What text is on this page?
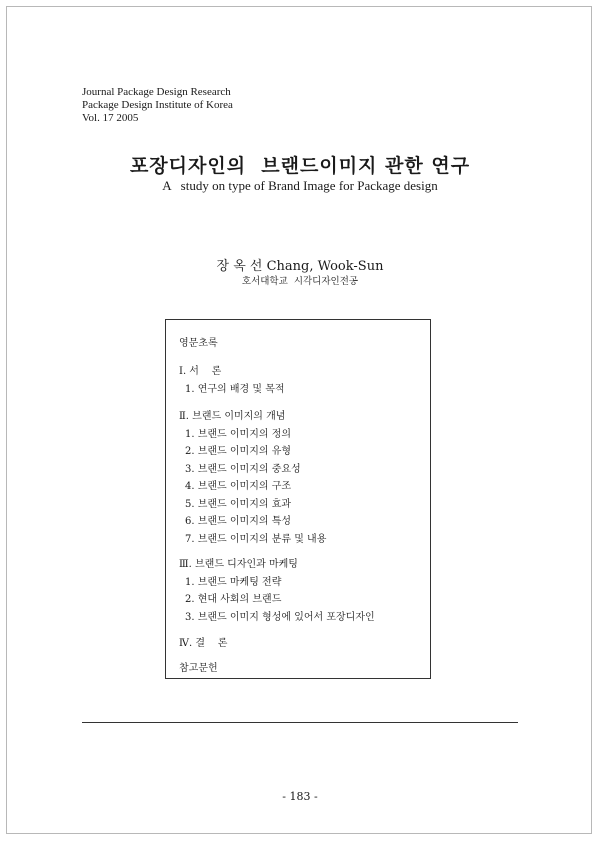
Journal Package Design Research
Package Design Institute of Korea
Vol. 17 2005
포장디자인의  브랜드이미지 관한 연구
A   study on type of Brand Image for Package design
장 옥 선 Chang, Wook-Sun
호서대학교  시각디자인전공
영문초록
Ⅰ. 서    론
1. 연구의 배경 및 목적
Ⅱ. 브랜드 이미지의 개념
1. 브랜드 이미지의 정의
2. 브랜드 이미지의 유형
3. 브랜드 이미지의 중요성
4. 브랜드 이미지의 구조
5. 브랜드 이미지의 효과
6. 브랜드 이미지의 특성
7. 브랜드 이미지의 분류 및 내용
Ⅲ. 브랜드 디자인과 마케팅
1. 브랜드 마케팅 전략
2. 현대 사회의 브랜드
3. 브랜드 이미지 형성에 있어서 포장디자인
Ⅳ. 결    론
참고문헌
- 183 -
